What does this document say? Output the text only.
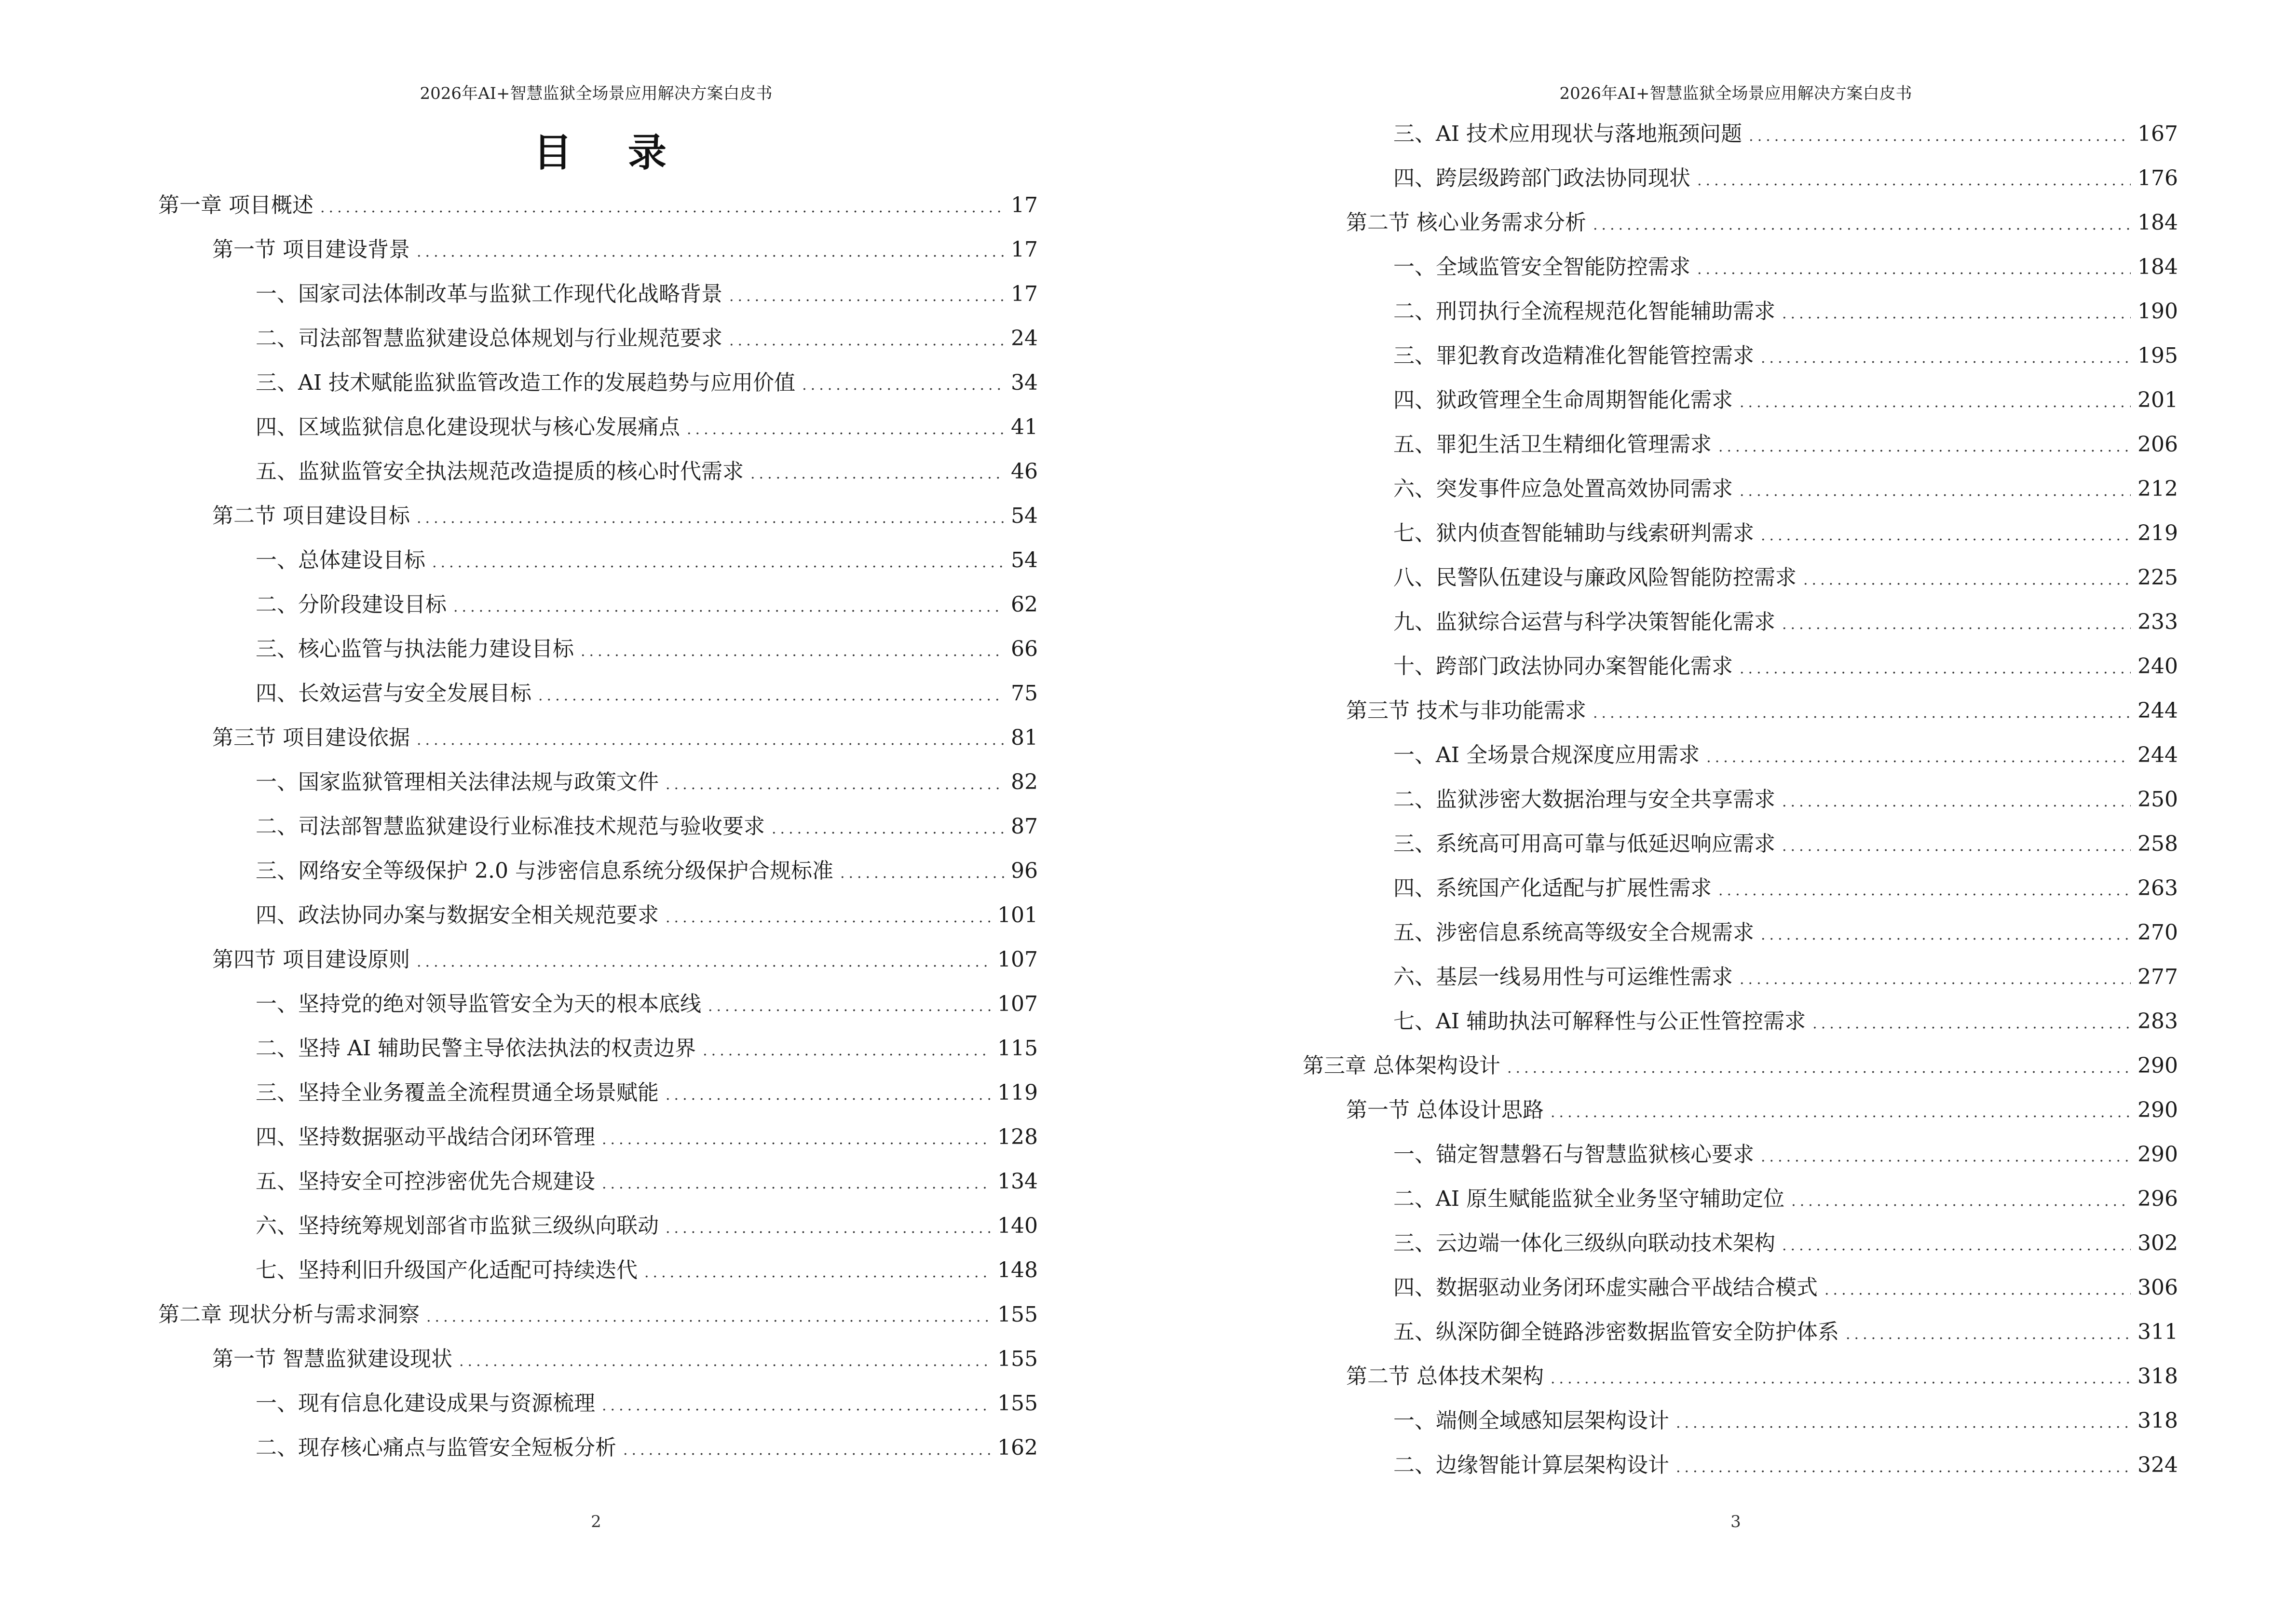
2026年AI+智慧监狱全场景应用解决方案白皮书
目 录
第一章 项目概述 .....	17
第一节 项目建设背景 .....	17
一、国家司法体制改革与监狱工作现代化战略背景 .....	17
二、司法部智慧监狱建设总体规划与行业规范要求 .....	24
三、AI 技术赋能监狱监管改造工作的发展趋势与应用价值 .....	34
四、区域监狱信息化建设现状与核心发展痛点 .....	41
五、监狱监管安全执法规范改造提质的核心时代需求 .....	46
第二节 项目建设目标 .....	54
一、总体建设目标 .....	54
二、分阶段建设目标 .....	62
三、核心监管与执法能力建设目标 .....	66
四、长效运营与安全发展目标 .....	75
第三节 项目建设依据 .....	81
一、国家监狱管理相关法律法规与政策文件 .....	82
二、司法部智慧监狱建设行业标准技术规范与验收要求 .....	87
三、网络安全等级保护 2.0 与涉密信息系统分级保护合规标准 .....	96
四、政法协同办案与数据安全相关规范要求 .....	101
第四节 项目建设原则 .....	107
一、坚持党的绝对领导监管安全为天的根本底线 .....	107
二、坚持 AI 辅助民警主导依法执法的权责边界 .....	115
三、坚持全业务覆盖全流程贯通全场景赋能 .....	119
四、坚持数据驱动平战结合闭环管理 .....	128
五、坚持安全可控涉密优先合规建设 .....	134
六、坚持统筹规划部省市监狱三级纵向联动 .....	140
七、坚持利旧升级国产化适配可持续迭代 .....	148
第二章 现状分析与需求洞察 .....	155
第一节 智慧监狱建设现状 .....	155
一、现有信息化建设成果与资源梳理 .....	155
二、现存核心痛点与监管安全短板分析 .....	162
2
2026年AI+智慧监狱全场景应用解决方案白皮书
三、AI 技术应用现状与落地瓶颈问题 .....	167
四、跨层级跨部门政法协同现状 .....	176
第二节 核心业务需求分析 .....	184
一、全域监管安全智能防控需求 .....	184
二、刑罚执行全流程规范化智能辅助需求 .....	190
三、罪犯教育改造精准化智能管控需求 .....	195
四、狱政管理全生命周期智能化需求 .....	201
五、罪犯生活卫生精细化管理需求 .....	206
六、突发事件应急处置高效协同需求 .....	212
七、狱内侦查智能辅助与线索研判需求 .....	219
八、民警队伍建设与廉政风险智能防控需求 .....	225
九、监狱综合运营与科学决策智能化需求 .....	233
十、跨部门政法协同办案智能化需求 .....	240
第三节 技术与非功能需求 .....	244
一、AI 全场景合规深度应用需求 .....	244
二、监狱涉密大数据治理与安全共享需求 .....	250
三、系统高可用高可靠与低延迟响应需求 .....	258
四、系统国产化适配与扩展性需求 .....	263
五、涉密信息系统高等级安全合规需求 .....	270
六、基层一线易用性与可运维性需求 .....	277
七、AI 辅助执法可解释性与公正性管控需求 .....	283
第三章 总体架构设计 .....	290
第一节 总体设计思路 .....	290
一、锚定智慧磐石与智慧监狱核心要求 .....	290
二、AI 原生赋能监狱全业务坚守辅助定位 .....	296
三、云边端一体化三级纵向联动技术架构 .....	302
四、数据驱动业务闭环虚实融合平战结合模式 .....	306
五、纵深防御全链路涉密数据监管安全防护体系 .....	311
第二节 总体技术架构 .....	318
一、端侧全域感知层架构设计 .....	318
二、边缘智能计算层架构设计 .....	324
3
